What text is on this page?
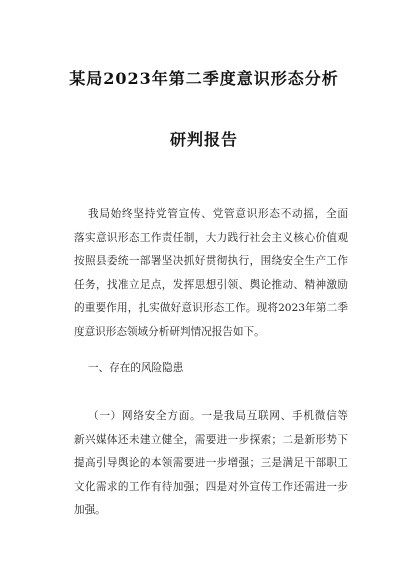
某局2023年第二季度意识形态分析
研判报告
我局始终坚持党管宣传、党管意识形态不动摇，全面
落实意识形态工作责任制，大力践行社会主义核心价值观
按照县委统一部署坚决抓好贯彻执行，围绕安全生产工作
任务，找准立足点，发挥思想引领、舆论推动、精神激励
的重要作用，扎实做好意识形态工作。现将2023年第二季
度意识形态领域分析研判情况报告如下。
一、存在的风险隐患
（一）网络安全方面。一是我局互联网、手机微信等
新兴媒体还未建立健全，需要进一步探索；二是新形势下
提高引导舆论的本领需要进一步增强；三是满足干部职工
文化需求的工作有待加强；四是对外宣传工作还需进一步
加强。
